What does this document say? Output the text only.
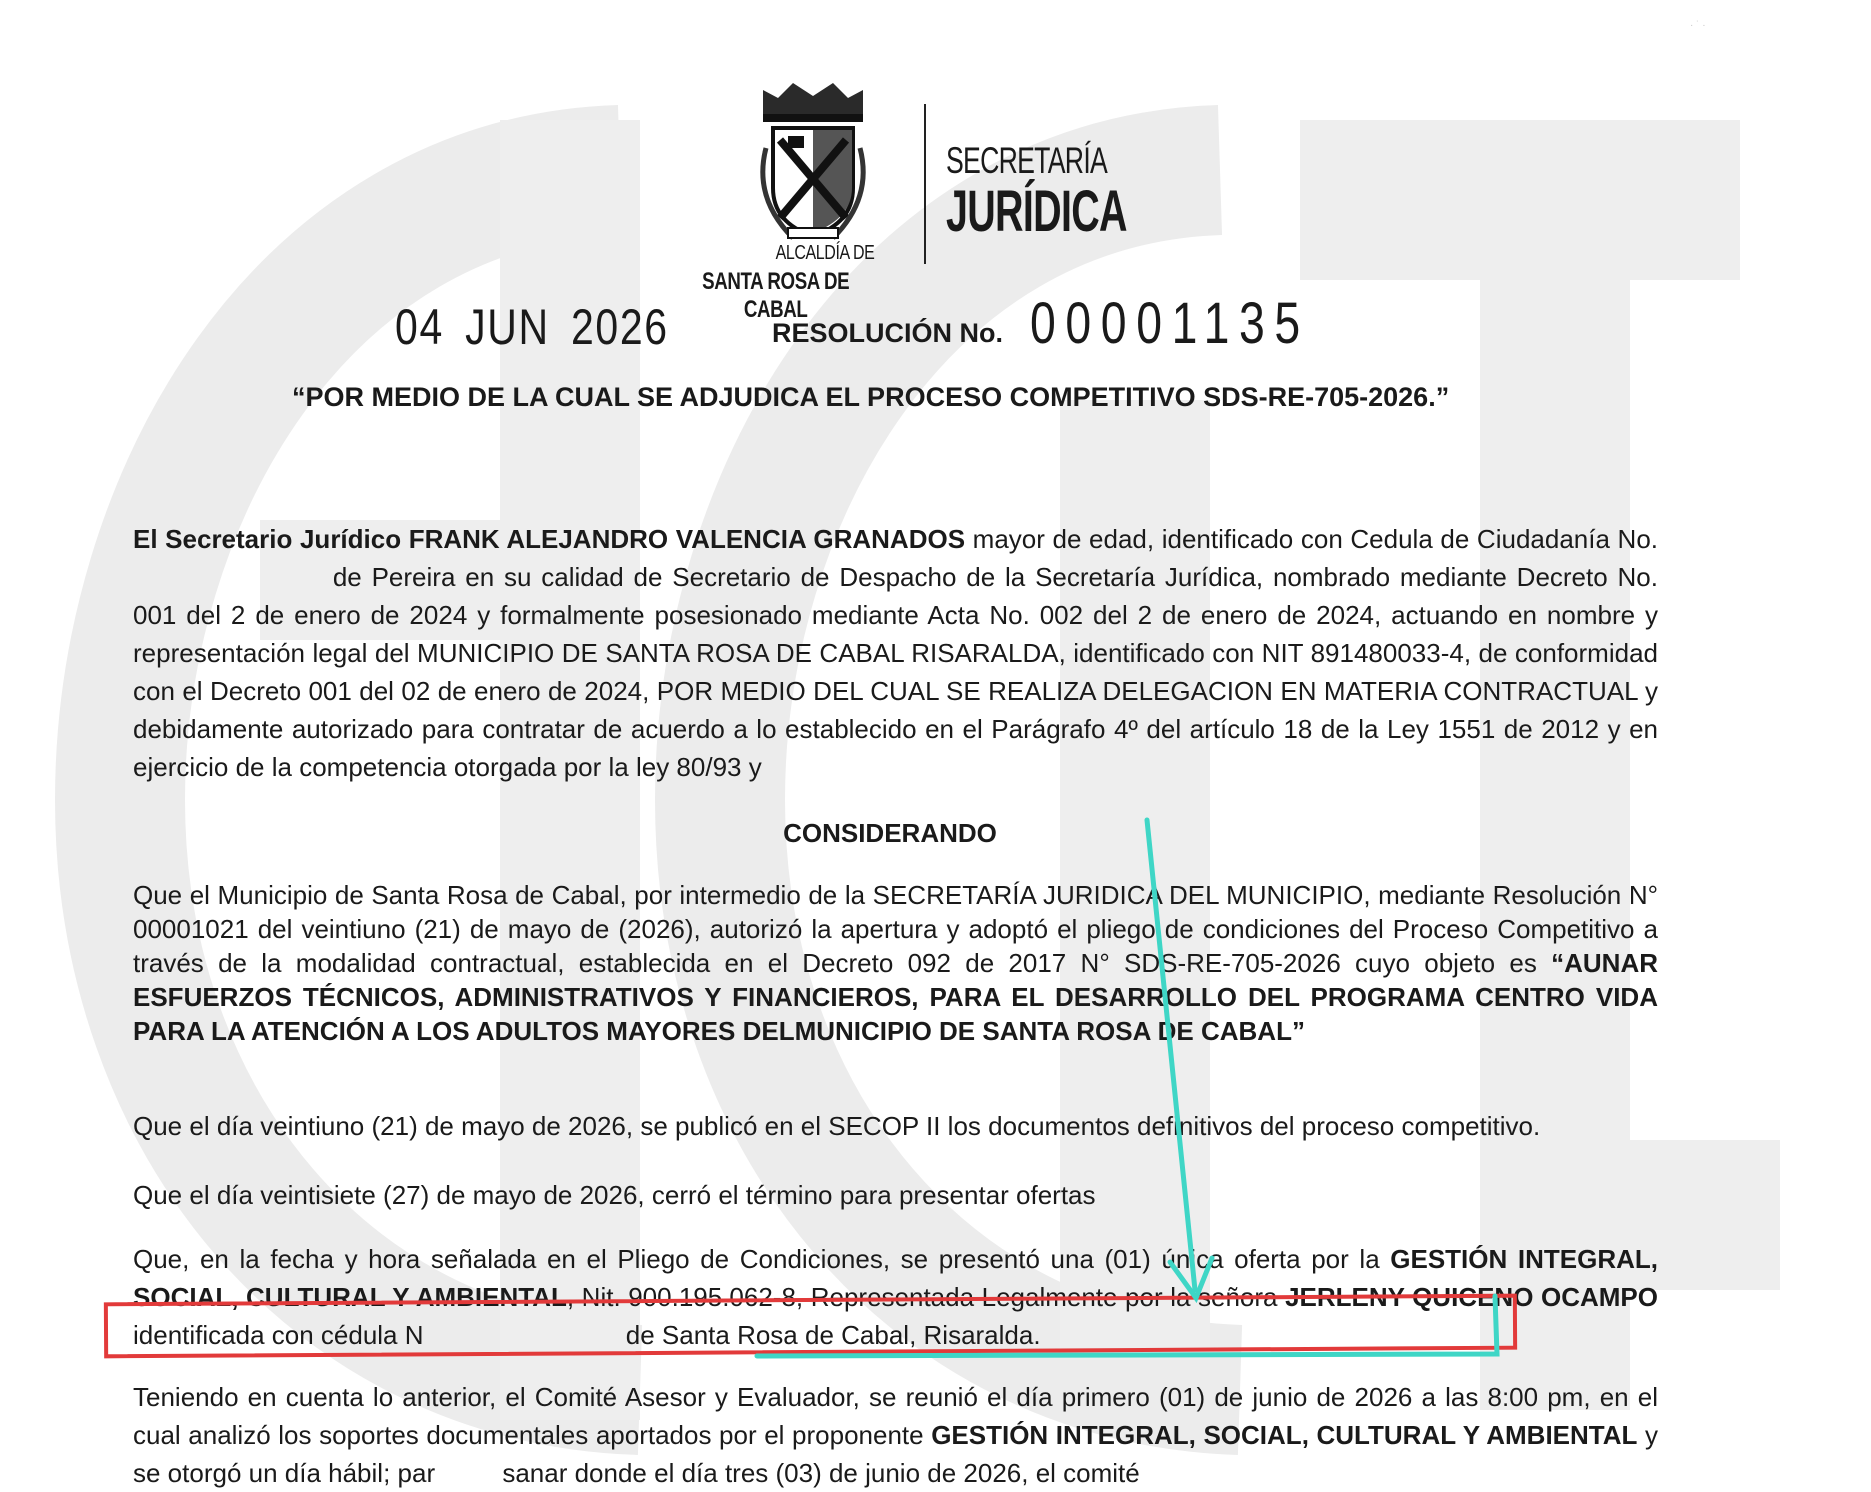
· ˙ ·
ALCALDÍA DE
SANTA ROSA DE CABAL
SECRETARÍA
JURÍDICA
04 JUN 2026	RESOLUCIÓN No. 00001135
“POR MEDIO DE LA CUAL SE ADJUDICA EL PROCESO COMPETITIVO SDS-RE-705-2026.”
El Secretario Jurídico FRANK ALEJANDRO VALENCIA GRANADOS mayor de edad, identificado con Cedula de Ciudadanía No. de Pereira en su calidad de Secretario de Despacho de la Secretaría Jurídica, nombrado mediante Decreto No. 001 del 2 de enero de 2024 y formalmente posesionado mediante Acta No. 002 del 2 de enero de 2024, actuando en nombre y representación legal del MUNICIPIO DE SANTA ROSA DE CABAL RISARALDA, identificado con NIT 891480033-4, de conformidad con el Decreto 001 del 02 de enero de 2024, POR MEDIO DEL CUAL SE REALIZA DELEGACION EN MATERIA CONTRACTUAL y debidamente autorizado para contratar de acuerdo a lo establecido en el Parágrafo 4º del artículo 18 de la Ley 1551 de 2012 y en ejercicio de la competencia otorgada por la ley 80/93 y
CONSIDERANDO
Que el Municipio de Santa Rosa de Cabal, por intermedio de la SECRETARÍA JURIDICA DEL MUNICIPIO, mediante Resolución N° 00001021 del veintiuno (21) de mayo de (2026), autorizó la apertura y adoptó el pliego de condiciones del Proceso Competitivo a través de la modalidad contractual, establecida en el Decreto 092 de 2017 N° SDS-RE-705-2026 cuyo objeto es “AUNAR ESFUERZOS TÉCNICOS, ADMINISTRATIVOS Y FINANCIEROS, PARA EL DESARROLLO DEL PROGRAMA CENTRO VIDA PARA LA ATENCIÓN A LOS ADULTOS MAYORES DELMUNICIPIO DE SANTA ROSA DE CABAL”
Que el día veintiuno (21) de mayo de 2026, se publicó en el SECOP II los documentos definitivos del proceso competitivo.
Que el día veintisiete (27) de mayo de 2026, cerró el término para presentar ofertas
Que, en la fecha y hora señalada en el Pliego de Condiciones, se presentó una (01) única oferta por la GESTIÓN INTEGRAL, SOCIAL, CULTURAL Y AMBIENTAL, Nit. 900.195.062-8, Representada Legalmente por la señora JERLENY QUICENO OCAMPO identificada con cédula N	de Santa Rosa de Cabal, Risaralda.
Teniendo en cuenta lo anterior, el Comité Asesor y Evaluador, se reunió el día primero (01) de junio de 2026 a las 8:00 pm, en el cual analizó los soportes documentales aportados por el proponente GESTIÓN INTEGRAL, SOCIAL, CULTURAL Y AMBIENTAL y se otorgó un día hábil; par sanar donde el día tres (03) de junio de 2026, el comité
